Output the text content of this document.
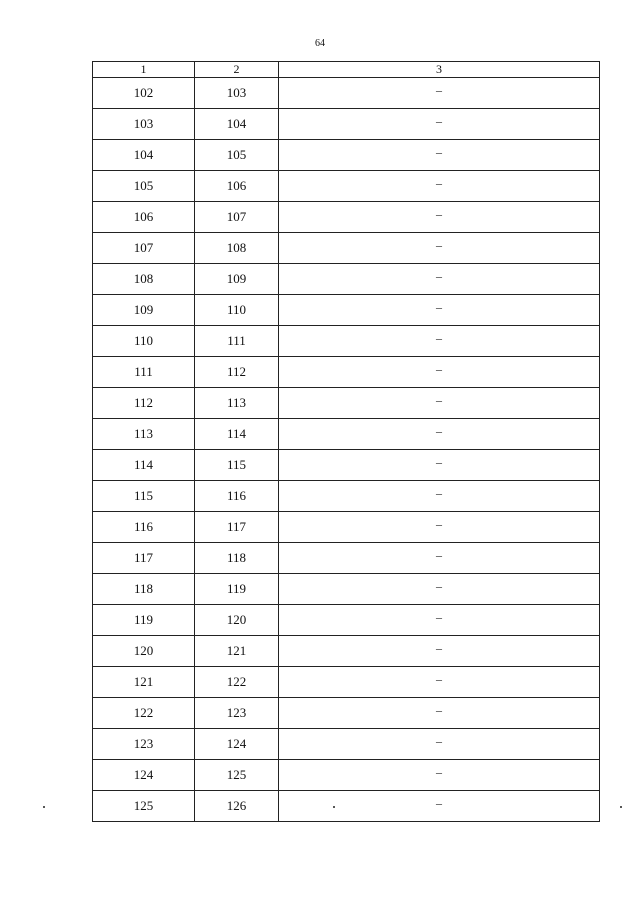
64
1	2	3
102	103	–
103	104	–
104	105	–
105	106	–
106	107	–
107	108	–
108	109	–
109	110	–
110	111	–
111	112	–
112	113	–
113	114	–
114	115	–
115	116	–
116	117	–
117	118	–
118	119	–
119	120	–
120	121	–
121	122	–
122	123	–
123	124	–
124	125	–
125	126	–
